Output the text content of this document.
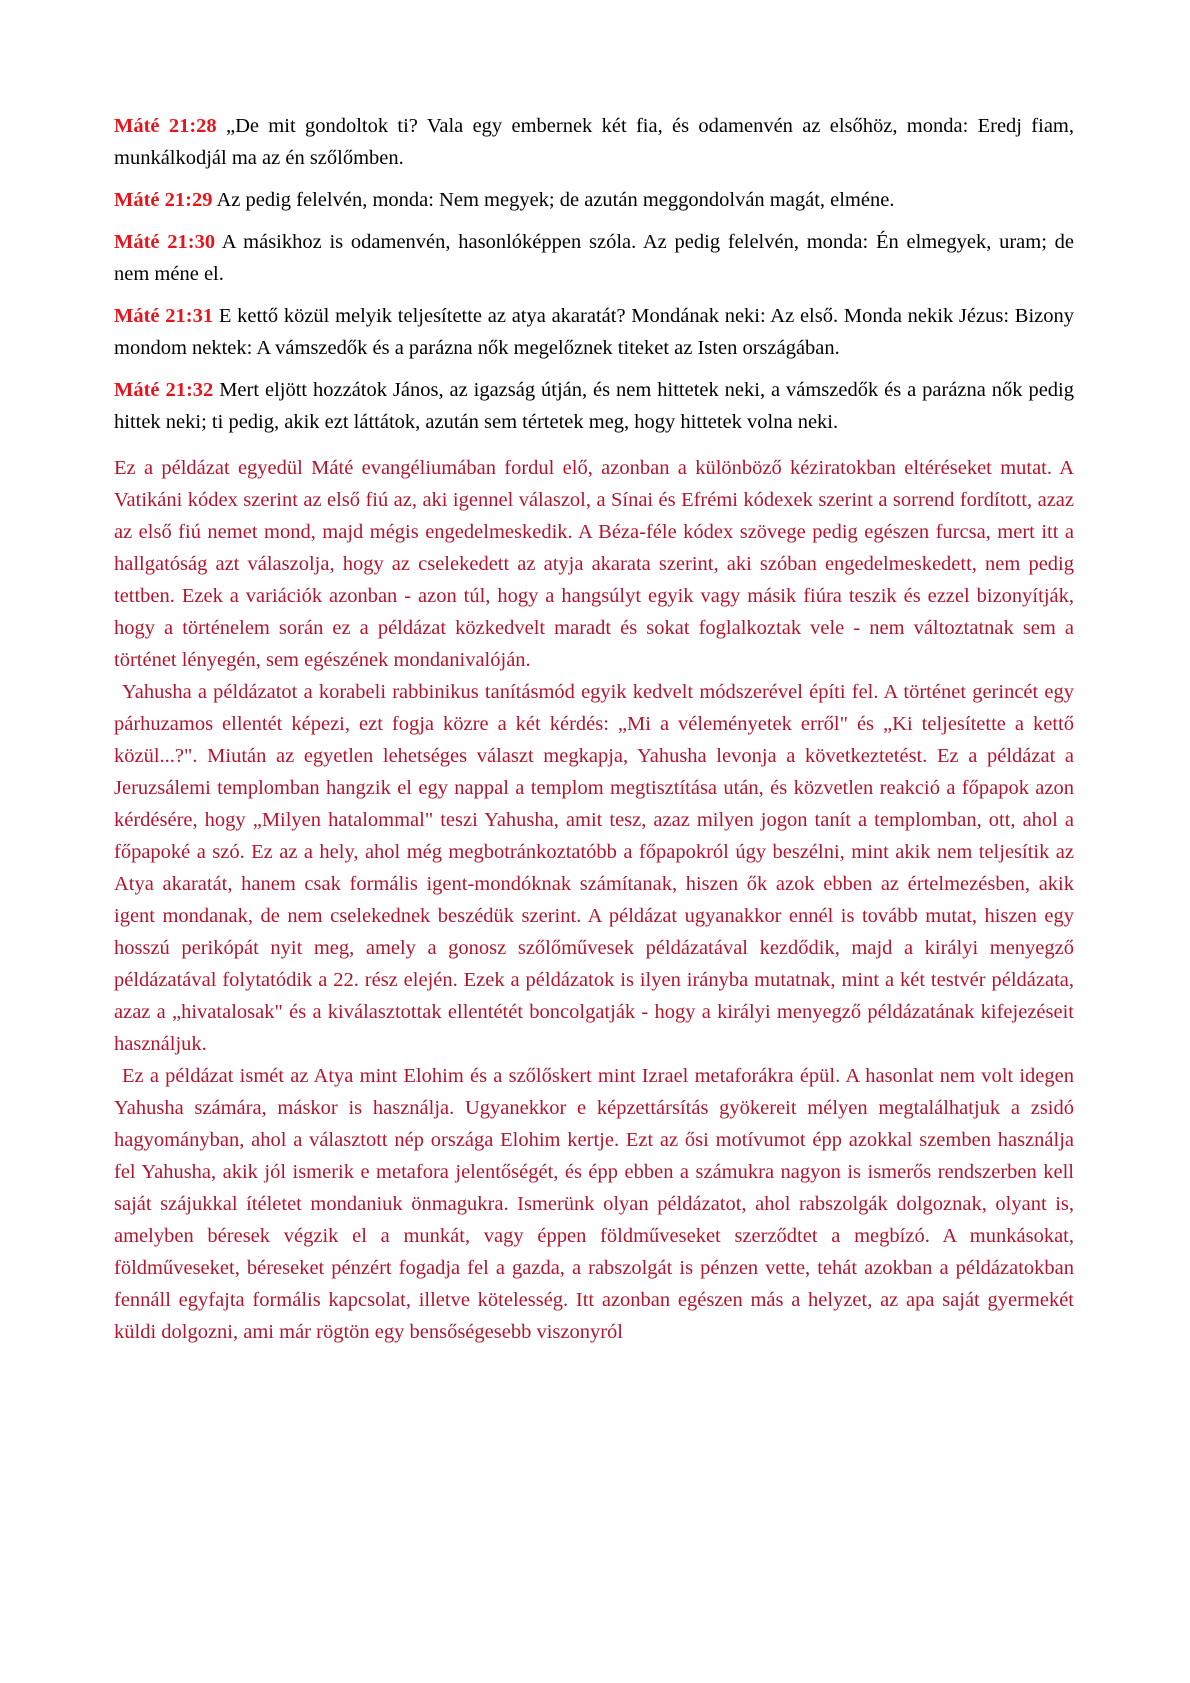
Máté 21:28 „De mit gondoltok ti? Vala egy embernek két fia, és odamenvén az elsőhöz, monda: Eredj fiam, munkálkodjál ma az én szőlőmben.

Máté 21:29 Az pedig felelvén, monda: Nem megyek; de azután meggondolván magát, elméne.

Máté 21:30 A másikhoz is odamenvén, hasonlóképpen szóla. Az pedig felelvén, monda: Én elmegyek, uram; de nem méne el.

Máté 21:31 E kettő közül melyik teljesítette az atya akaratát? Mondának neki: Az első. Monda nekik Jézus: Bizony mondom nektek: A vámszedők és a parázna nők megelőznek titeket az Isten országában.

Máté 21:32 Mert eljött hozzátok János, az igazság útján, és nem hittetek neki, a vámszedők és a parázna nők pedig hittek neki; ti pedig, akik ezt láttátok, azután sem tértetek meg, hogy hittetek volna neki.

Ez a példázat egyedül Máté evangéliumában fordul elő, azonban a különböző kéziratokban eltéréseket mutat. A Vatikáni kódex szerint az első fiú az, aki igennel válaszol, a Sínai és Efrémi kódexek szerint a sorrend fordított, azaz az első fiú nemet mond, majd mégis engedelmeskedik. A Béza-féle kódex szövege pedig egészen furcsa, mert itt a hallgatóság azt válaszolja, hogy az cselekedett az atyja akarata szerint, aki szóban engedelmeskedett, nem pedig tettben. Ezek a variációk azonban - azon túl, hogy a hangsúlyt egyik vagy másik fiúra teszik és ezzel bizonyítják, hogy a történelem során ez a példázat közkedvelt maradt és sokat foglalkoztak vele - nem változtatnak sem a történet lényegén, sem egészének mondanivalóján.

Yahusha a példázatot a korabeli rabbinikus tanításmód egyik kedvelt módszerével építi fel. A történet gerincét egy párhuzamos ellentét képezi, ezt fogja közre a két kérdés: „Mi a véleményetek erről" és „Ki teljesítette a kettő közül...?". Miután az egyetlen lehetséges választ megkapja, Yahusha levonja a következtetést. Ez a példázat a Jeruzsálemi templomban hangzik el egy nappal a templom megtisztítása után, és közvetlen reakció a főpapok azon kérdésére, hogy „Milyen hatalommal" teszi Yahusha, amit tesz, azaz milyen jogon tanít a templomban, ott, ahol a főpapoké a szó. Ez az a hely, ahol még megbotránkoztatóbb a főpapokról úgy beszélni, mint akik nem teljesítik az Atya akaratát, hanem csak formális igent-mondóknak számítanak, hiszen ők azok ebben az értelmezésben, akik igent mondanak, de nem cselekednek beszédük szerint. A példázat ugyanakkor ennél is tovább mutat, hiszen egy hosszú perikópát nyit meg, amely a gonosz szőlőművesek példázatával kezdődik, majd a királyi menyegző példázatával folytatódik a 22. rész elején. Ezek a példázatok is ilyen irányba mutatnak, mint a két testvér példázata, azaz a „hivatalosak" és a kiválasztottak ellentétét boncolgatják - hogy a királyi menyegző példázatának kifejezéseit használjuk.

Ez a példázat ismét az Atya mint Elohim és a szőlőskert mint Izrael metaforákra épül. A hasonlat nem volt idegen Yahusha számára, máskor is használja. Ugyanekkor e képzettársítás gyökereit mélyen megtalálhatjuk a zsidó hagyományban, ahol a választott nép országa Elohim kertje. Ezt az ősi motívumot épp azokkal szemben használja fel Yahusha, akik jól ismerik e metafora jelentőségét, és épp ebben a számukra nagyon is ismerős rendszerben kell saját szájukkal ítéletet mondaniuk önmagukra. Ismerünk olyan példázatot, ahol rabszolgák dolgoznak, olyant is, amelyben béresek végzik el a munkát, vagy éppen földműveseket szerződtet a megbízó. A munkásokat, földműveseket, béreseket pénzért fogadja fel a gazda, a rabszolgát is pénzen vette, tehát azokban a példázatokban fennáll egyfajta formális kapcsolat, illetve kötelesség. Itt azonban egészen más a helyzet, az apa saját gyermekét küldi dolgozni, ami már rögtön egy bensőségesebb viszonyról
